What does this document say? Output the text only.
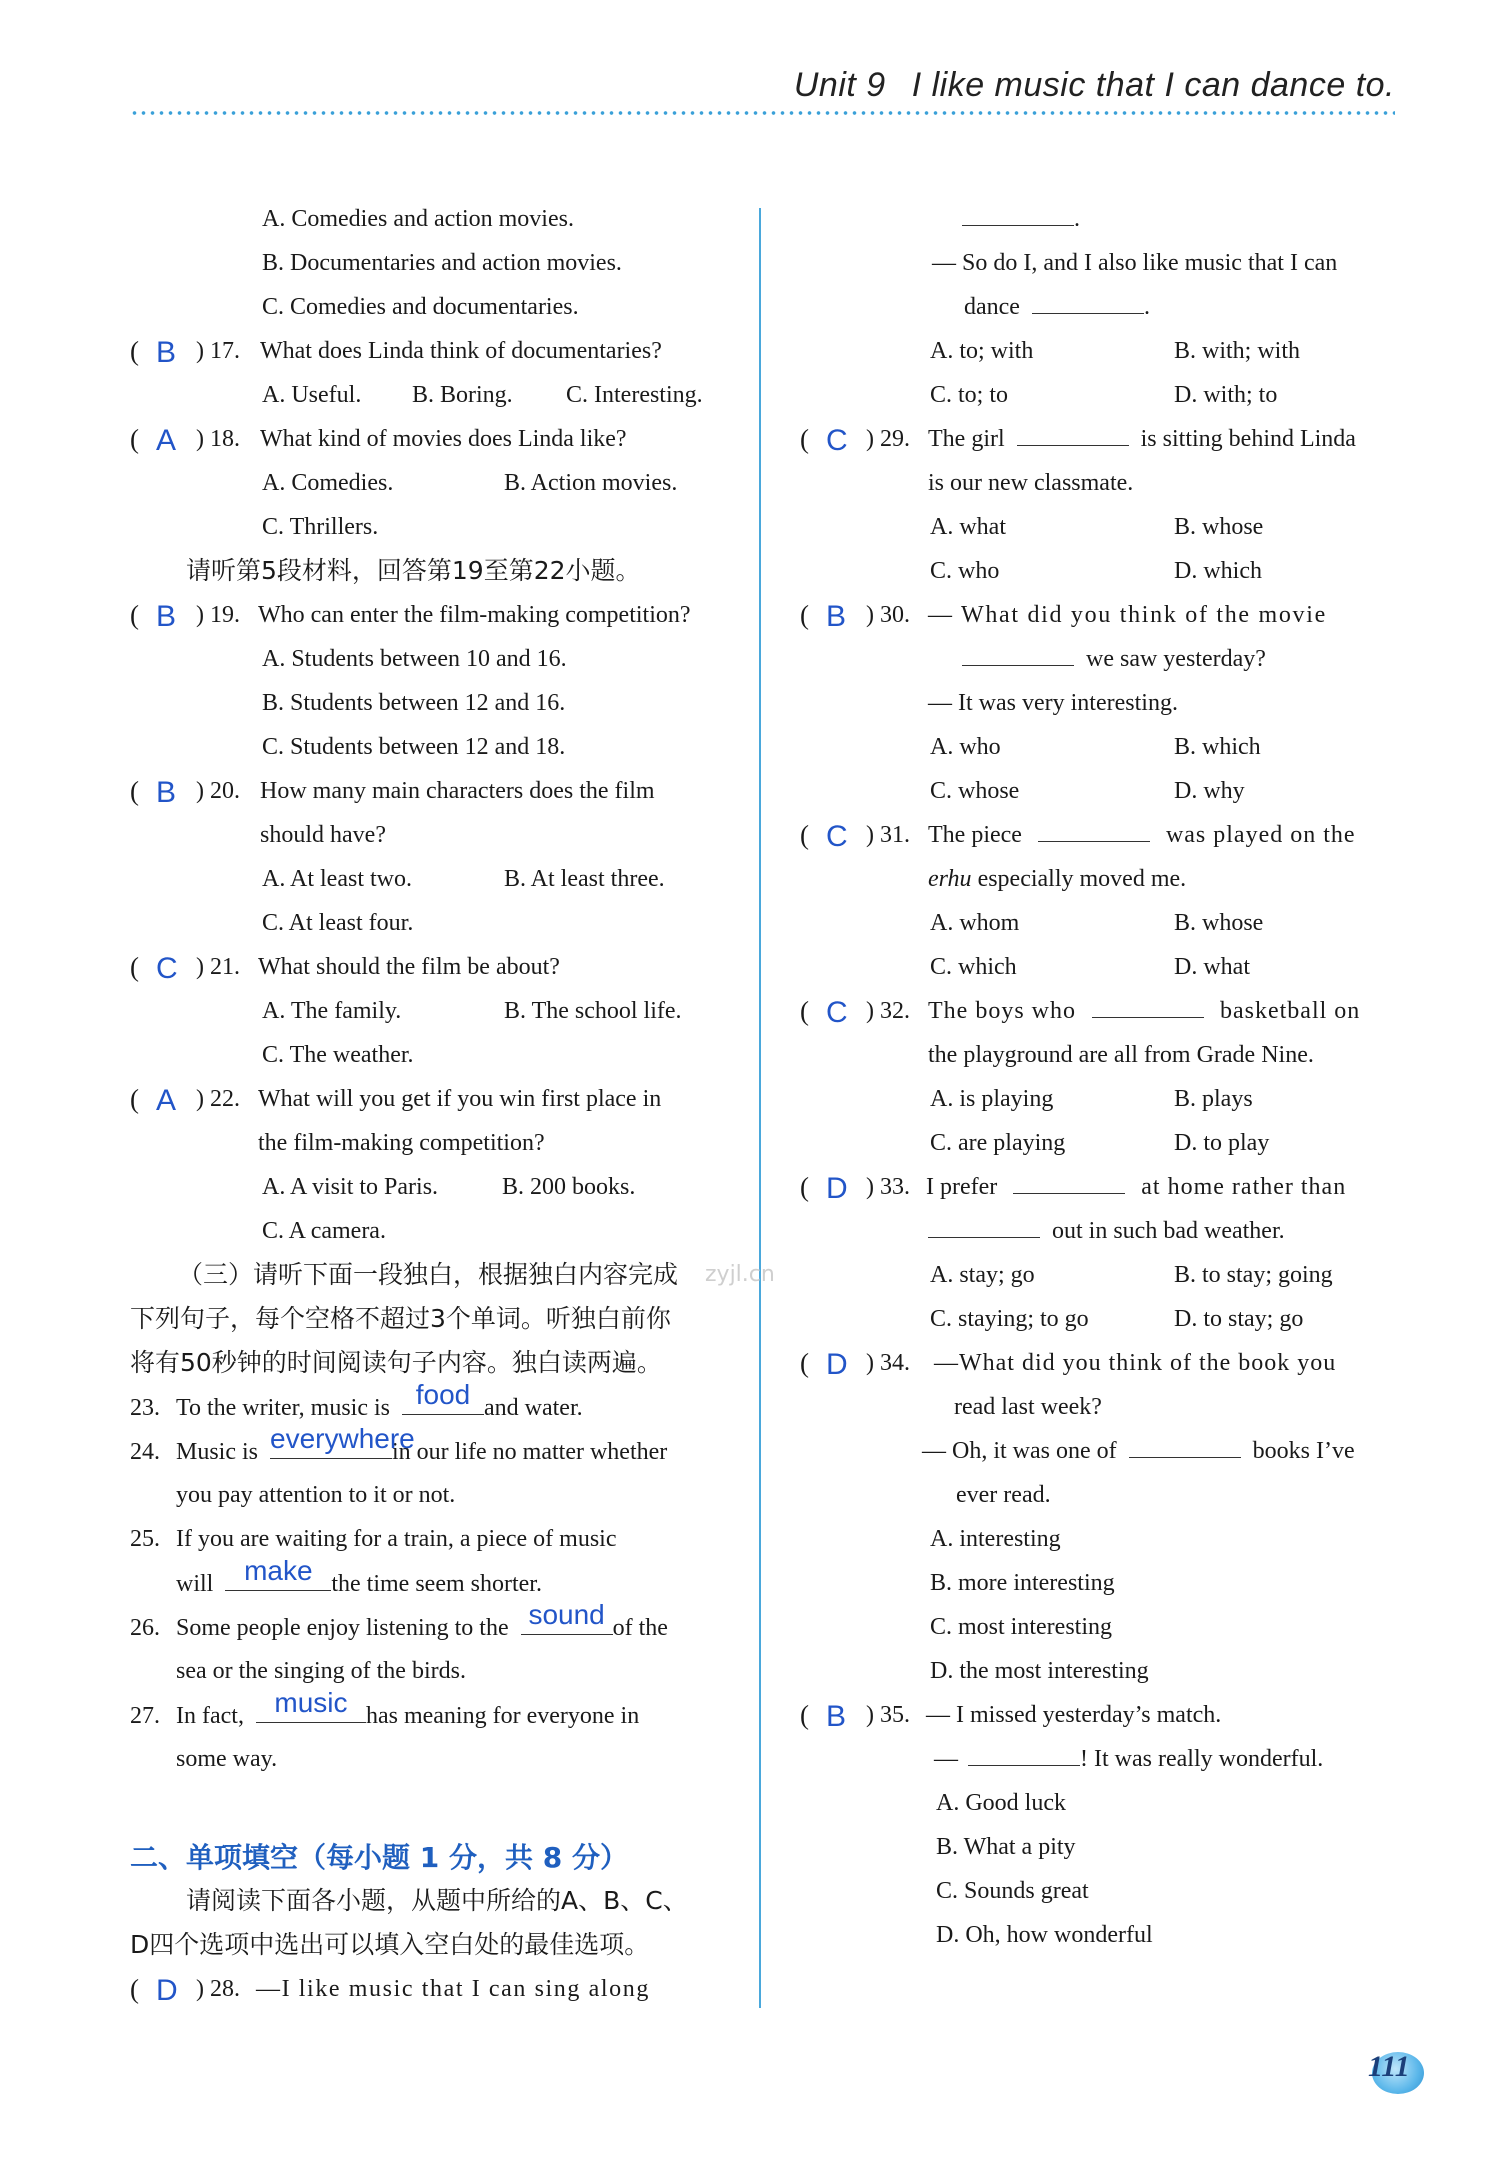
Unit 9 I like music that I can dance to.
zyjl.cn
A. Comedies and action movies.
B. Documentaries and action movies.
C. Comedies and documentaries.
( B ) 17. What does Linda think of documentaries?
A. Useful. B. Boring. C. Interesting.
( A ) 18. What kind of movies does Linda like?
A. Comedies.	B. Action movies.
C. Thrillers.
请听第5段材料，回答第19至第22小题。
( B ) 19. Who can enter the film-making competition?
A. Students between 10 and 16.
B. Students between 12 and 16.
C. Students between 12 and 18.
( B ) 20. How many main characters does the film
should have?
A. At least two.	B. At least three.
C. At least four.
( C ) 21. What should the film be about?
A. The family.	B. The school life.
C. The weather.
( A ) 22. What will you get if you win first place in
the film-making competition?
A. A visit to Paris.	B. 200 books.
C. A camera.
（三）请听下面一段独白，根据独白内容完成
下列句子，每个空格不超过3个单词。听独白前你
将有50秒钟的时间阅读句子内容。独白读两遍。
23. To the writer, music is food and water.
24. Music is everywhere
in our life no matter whether
you pay attention to it or not.
25. If you are waiting for a train, a piece of music
will	make the time seem shorter.
26. Some people enjoy listening to the sound of the
sea or the singing of the birds.
27. In fact,	music has meaning for everyone in
some way.
二、单项填空（每小题 1 分，共 8 分）
请阅读下面各小题，从题中所给的A、B、C、
D四个选项中选出可以填入空白处的最佳选项。
( D ) 28. —I like music that I can sing along
.
— So do I, and I also like music that I can
dance	.
A. to; with	B. with; with
C. to; to	D. with; to
( C ) 29. The girl	is sitting behind Linda
is our new classmate.
A. what	B. whose
C. who	D. which
( B ) 30. — What did you think of the movie
we saw yesterday?
— It was very interesting.
A. who	B. which
C. whose	D. why
( C ) 31. The piece	was played on the
erhu especially moved me.
A. whom	B. whose
C. which	D. what
( C ) 32. The boys who	basketball on
the playground are all from Grade Nine.
A. is playing	B. plays
C. are playing	D. to play
( D ) 33. I prefer	at home rather than
out in such bad weather.
A. stay; go	B. to stay; going
C. staying; to go	D. to stay; go
( D ) 34. —What did you think of the book you
read last week?
— Oh, it was one of	books I’ve
ever read.
A. interesting
B. more interesting
C. most interesting
D. the most interesting
( B ) 35. — I missed yesterday’s match.
—	! It was really wonderful.
A. Good luck
B. What a pity
C. Sounds great
D. Oh, how wonderful
111
